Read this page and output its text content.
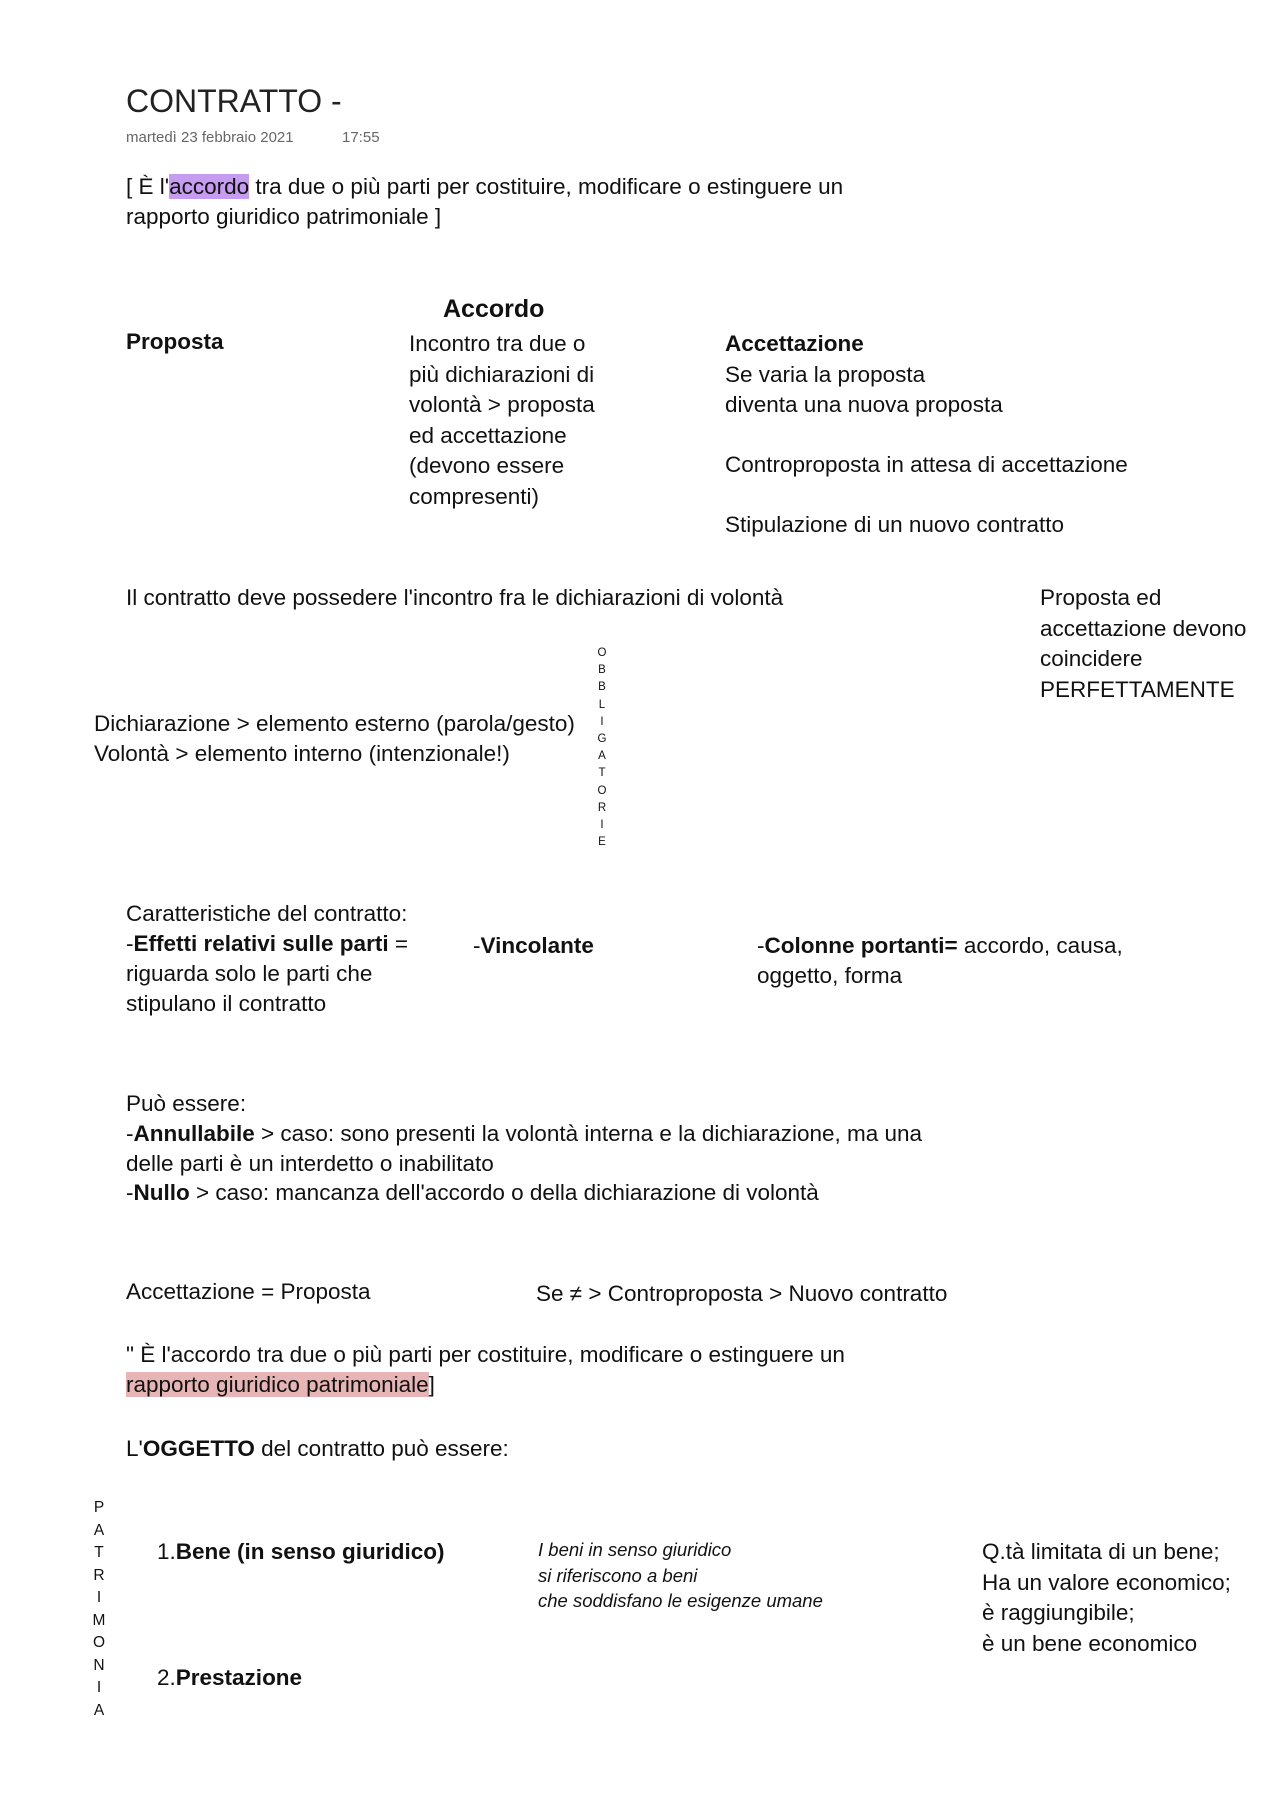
CONTRATTO -
martedì 23 febbraio 2021	17:55
[ È l'accordo tra due o più parti per costituire, modificare o estinguere un
rapporto giuridico patrimoniale ]
Proposta
Accordo
Incontro tra due o
più dichiarazioni di
volontà > proposta
ed accettazione
(devono essere
compresenti)
Accettazione
Se varia la proposta
diventa una nuova proposta
Controproposta in attesa di accettazione
Stipulazione di un nuovo contratto
Il contratto deve possedere l'incontro fra le dichiarazioni di volontà	Proposta ed
accettazione devono
coincidere
PERFETTAMENTE
Dichiarazione > elemento esterno (parola/gesto)
Volontà > elemento interno (intenzionale!)
O
B
B
L
I
G
A
T
O
R
I
E
Caratteristiche del contratto:
-Effetti relativi sulle parti =
riguarda solo le parti che
stipulano il contratto
-Vincolante	-Colonne portanti= accordo, causa,
oggetto, forma
Può essere:
-Annullabile > caso: sono presenti la volontà interna e la dichiarazione, ma una
delle parti è un interdetto o inabilitato
-Nullo > caso: mancanza dell'accordo o della dichiarazione di volontà
Accettazione = Proposta	Se ≠ > Controproposta > Nuovo contratto
" È l'accordo tra due o più parti per costituire, modificare o estinguere un
rapporto giuridico patrimoniale]
L'OGGETTO del contratto può essere:
P
A
T
R
I
M
O
N
I
A
1.Bene (in senso giuridico)	I beni in senso giuridico
si riferiscono a beni
che soddisfano le esigenze umane
Q.tà limitata di un bene;
Ha un valore economico;
è raggiungibile;
è un bene economico
2.Prestazione
